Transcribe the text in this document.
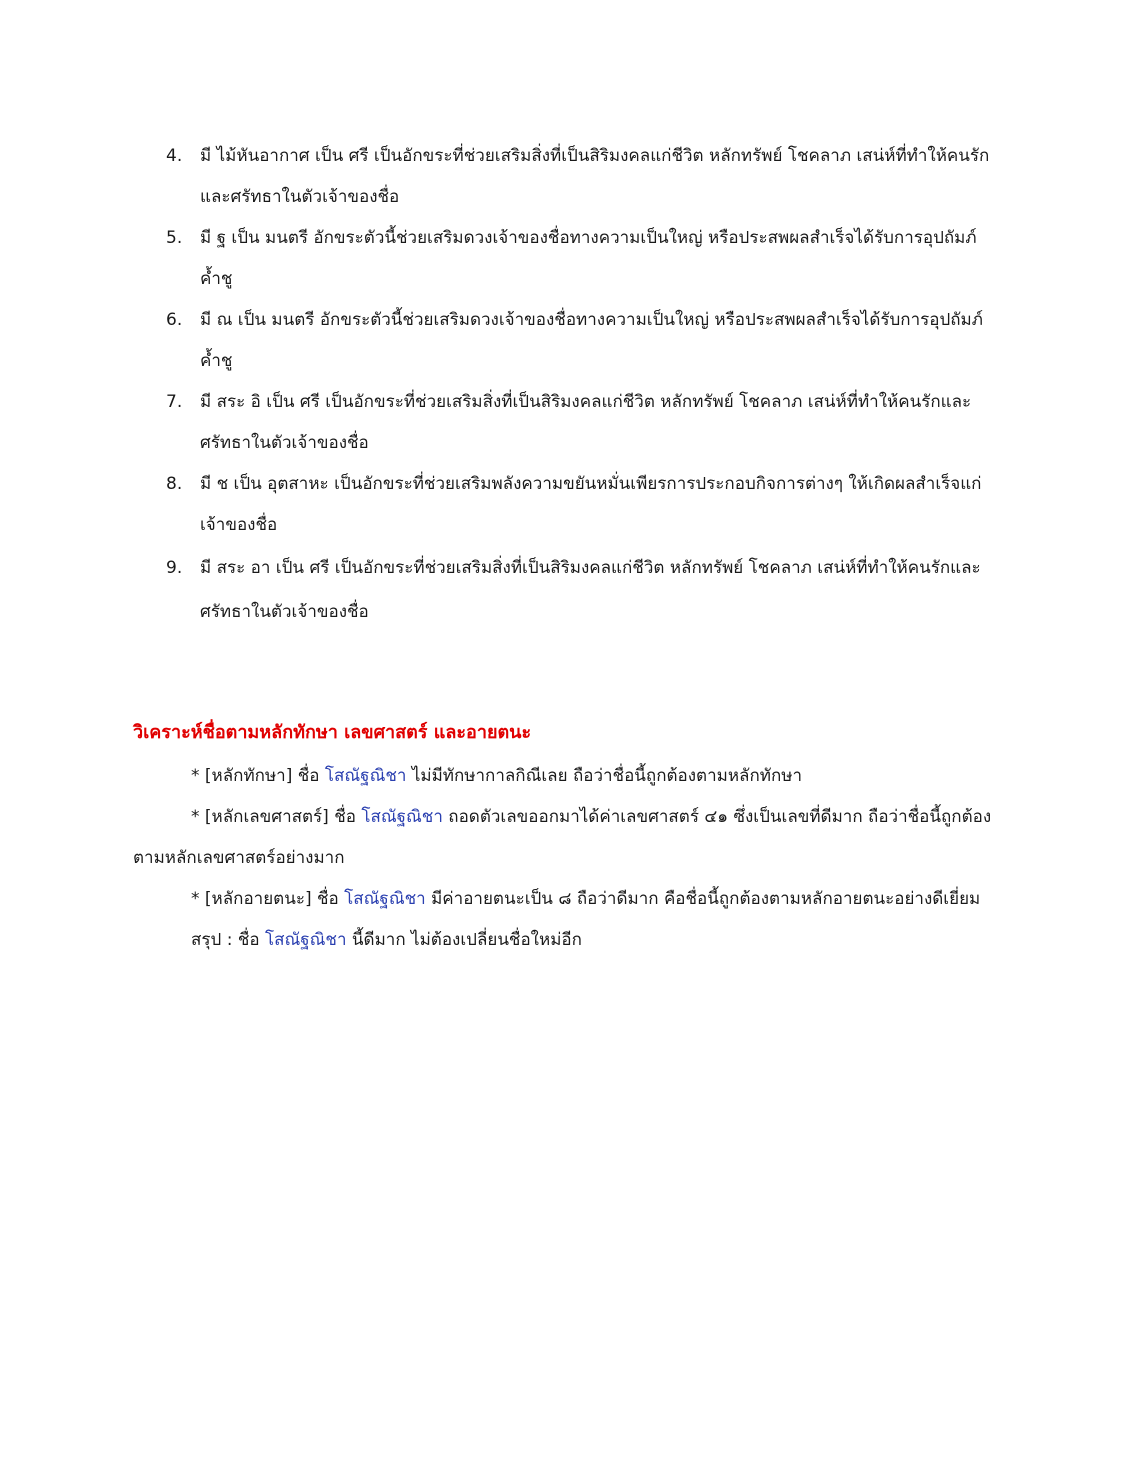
4. มี ไม้หันอากาศ เป็น ศรี เป็นอักขระที่ช่วยเสริมสิ่งที่เป็นสิริมงคลแก่ชีวิต หลักทรัพย์ โชคลาภ เสน่ห์ที่ทำให้คนรักและศรัทธาในตัวเจ้าของชื่อ
5. มี ฐ เป็น มนตรี อักขระตัวนี้ช่วยเสริมดวงเจ้าของชื่อทางความเป็นใหญ่ หรือประสพผลสำเร็จได้รับการอุปถัมภ์ค้ำชู
6. มี ณ เป็น มนตรี อักขระตัวนี้ช่วยเสริมดวงเจ้าของชื่อทางความเป็นใหญ่ หรือประสพผลสำเร็จได้รับการอุปถัมภ์ค้ำชู
7. มี สระ อิ เป็น ศรี เป็นอักขระที่ช่วยเสริมสิ่งที่เป็นสิริมงคลแก่ชีวิต หลักทรัพย์ โชคลาภ เสน่ห์ที่ทำให้คนรักและศรัทธาในตัวเจ้าของชื่อ
8. มี ช เป็น อุตสาหะ เป็นอักขระที่ช่วยเสริมพลังความขยันหมั่นเพียรการประกอบกิจการต่างๆ ให้เกิดผลสำเร็จแก่เจ้าของชื่อ
9. มี สระ อา เป็น ศรี เป็นอักขระที่ช่วยเสริมสิ่งที่เป็นสิริมงคลแก่ชีวิต หลักทรัพย์ โชคลาภ เสน่ห์ที่ทำให้คนรักและศรัทธาในตัวเจ้าของชื่อ
วิเคราะห์ชื่อตามหลักทักษา เลขศาสตร์ และอายตนะ

* [หลักทักษา] ชื่อ โสณัฐณิชา ไม่มีทักษากาลกิณีเลย ถือว่าชื่อนี้ถูกต้องตามหลักทักษา

* [หลักเลขศาสตร์] ชื่อ โสณัฐณิชา ถอดตัวเลขออกมาได้ค่าเลขศาสตร์ ๔๑ ซึ่งเป็นเลขที่ดีมาก ถือว่าชื่อนี้ถูกต้องตามหลักเลขศาสตร์อย่างมาก

* [หลักอายตนะ] ชื่อ โสณัฐณิชา มีค่าอายตนะเป็น ๘ ถือว่าดีมาก คือชื่อนี้ถูกต้องตามหลักอายตนะอย่างดีเยี่ยม

สรุป : ชื่อ โสณัฐณิชา นี้ดีมาก ไม่ต้องเปลี่ยนชื่อใหม่อีก
